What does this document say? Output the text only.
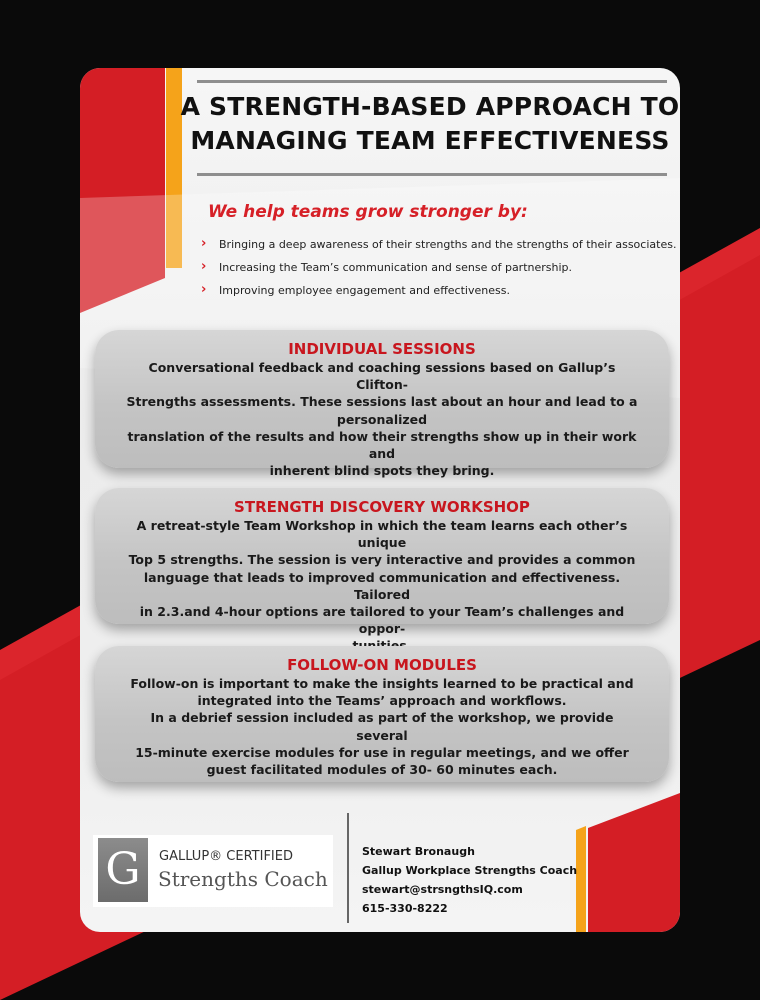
A STRENGTH-BASED APPROACH TO
MANAGING TEAM EFFECTIVENESS

We help teams grow stronger by:

› Bringing a deep awareness of their strengths and the strengths of their associates.
› Increasing the Team’s communication and sense of partnership.
› Improving employee engagement and effectiveness.
INDIVIDUAL SESSIONS

Conversational feedback and coaching sessions based on Gallup’s Clifton-
Strengths assessments. These sessions last about an hour and lead to a
personalized
translation of the results and how their strengths show up in their work and
inherent blind spots they bring.

STRENGTH DISCOVERY WORKSHOP

A retreat-style Team Workshop in which the team learns each other’s unique
Top 5 strengths. The session is very interactive and provides a common
language that leads to improved communication and effectiveness. Tailored
in 2.3.and 4-hour options are tailored to your Team’s challenges and oppor-

FOLLOW-ON MODULES

Follow-on is important to make the insights learned to be practical and
integrated into the Teams’ approach and workflows.
In a debrief session included as part of the workshop, we provide several
15-minute exercise modules for use in regular meetings, and we offer
guest facilitated modules of 30- 60 minutes each.

G	GALLUP® CERTIFIED
Strengths Coach
Stewart Bronaugh
Gallup Workplace Strengths Coach
stewart@strsngthsIQ.com
615-330-8222
